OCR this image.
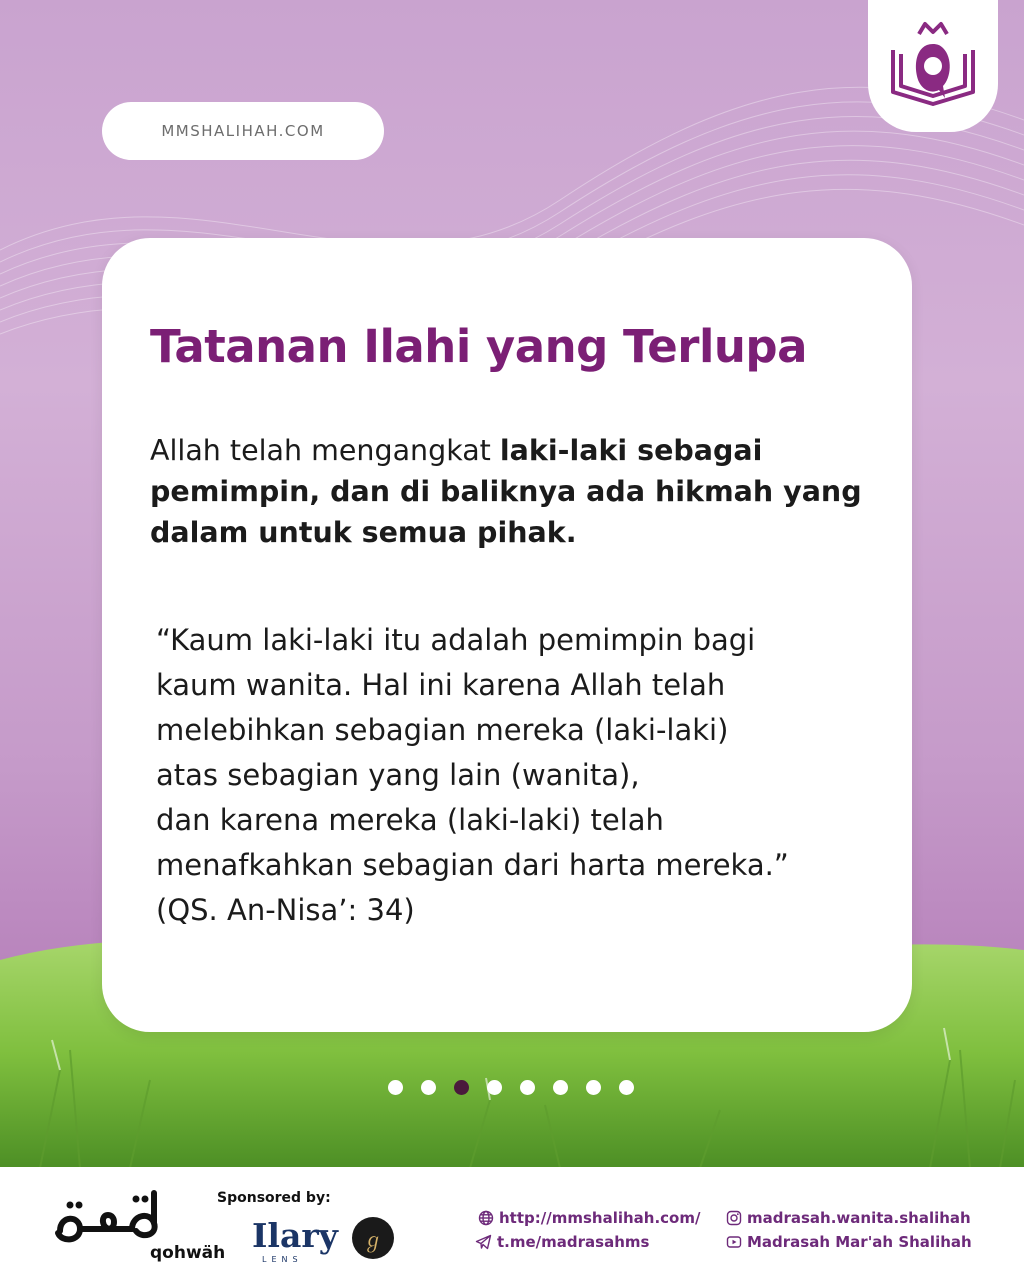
MMSHALIHAH.COM
Tatanan Ilahi yang Terlupa
Allah telah mengangkat laki-laki sebagai pemimpin, dan di baliknya ada hikmah yang dalam untuk semua pihak.
“Kaum laki-laki itu adalah pemimpin bagi
kaum wanita. Hal ini karena Allah telah
melebihkan sebagian mereka (laki-laki)
atas sebagian yang lain (wanita),
dan karena mereka (laki-laki) telah
menafkahkan sebagian dari harta mereka.”
(QS. An-Nisa’: 34)
qohwäh
Sponsored by:
Ilary
LENS
ℊ
http://mmshalihah.com/
t.me/madrasahms
madrasah.wanita.shalihah
Madrasah Mar'ah Shalihah
